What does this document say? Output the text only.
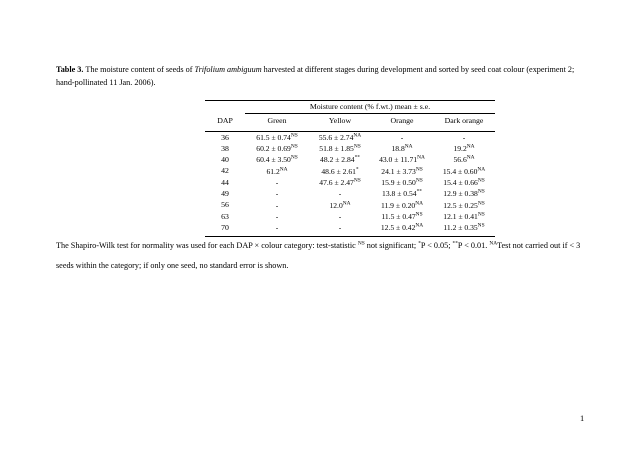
Table 3. The moisture content of seeds of Trifolium ambiguum harvested at different stages during development and sorted by seed coat colour (experiment 2; hand-pollinated 11 Jan. 2006).
	Moisture content (% f.wt.) mean ± s.e.			
DAP	Green	Yellow	Orange	Dark orange

36	$61.5 \pm 0.74^{NS}$	$55.6 \pm 2.74^{NA}$	-	-
38	$60.2 \pm 0.69^{NS}$	$51.8 \pm 1.85^{NS}$	$18.8^{NA}$	$19.2^{NA}$
40	$60.4 \pm 3.50^{NS}$	48.2 ± 2.84**	$43.0 \pm 11.71^{NA}$	$56.6^{NA}$
42	$61.2^{NA}$	48.6 ± 2.61*	$24.1 \pm 3.73^{NS}$	$15.4 \pm 0.60^{NA}$
44	-	$47.6 \pm 2.47^{NS}$	$15.9 \pm 0.50^{NS}$	$15.4 \pm 0.66^{NS}$
49	-	-	13.8 ± 0.54**	$12.9 \pm 0.38^{NS}$
56	-	$12.0^{NA}$	$11.9 \pm 0.20^{NA}$	$12.5 \pm 0.25^{NS}$
63	-	-	$11.5 \pm 0.47^{NS}$	$12.1 \pm 0.41^{NS}$
70	-	-	$12.5 \pm 0.42^{NA}$	$11.2 \pm 0.35^{NS}$

The Shapiro-Wilk test for normality was used for each DAP × colour category: test-statistic $^{NS}$ not significant; *P < 0.05; **P < 0.01. $^{NA}$Test not carried out if < 3 seeds within the category; if only one seed, no standard error is shown.
1
